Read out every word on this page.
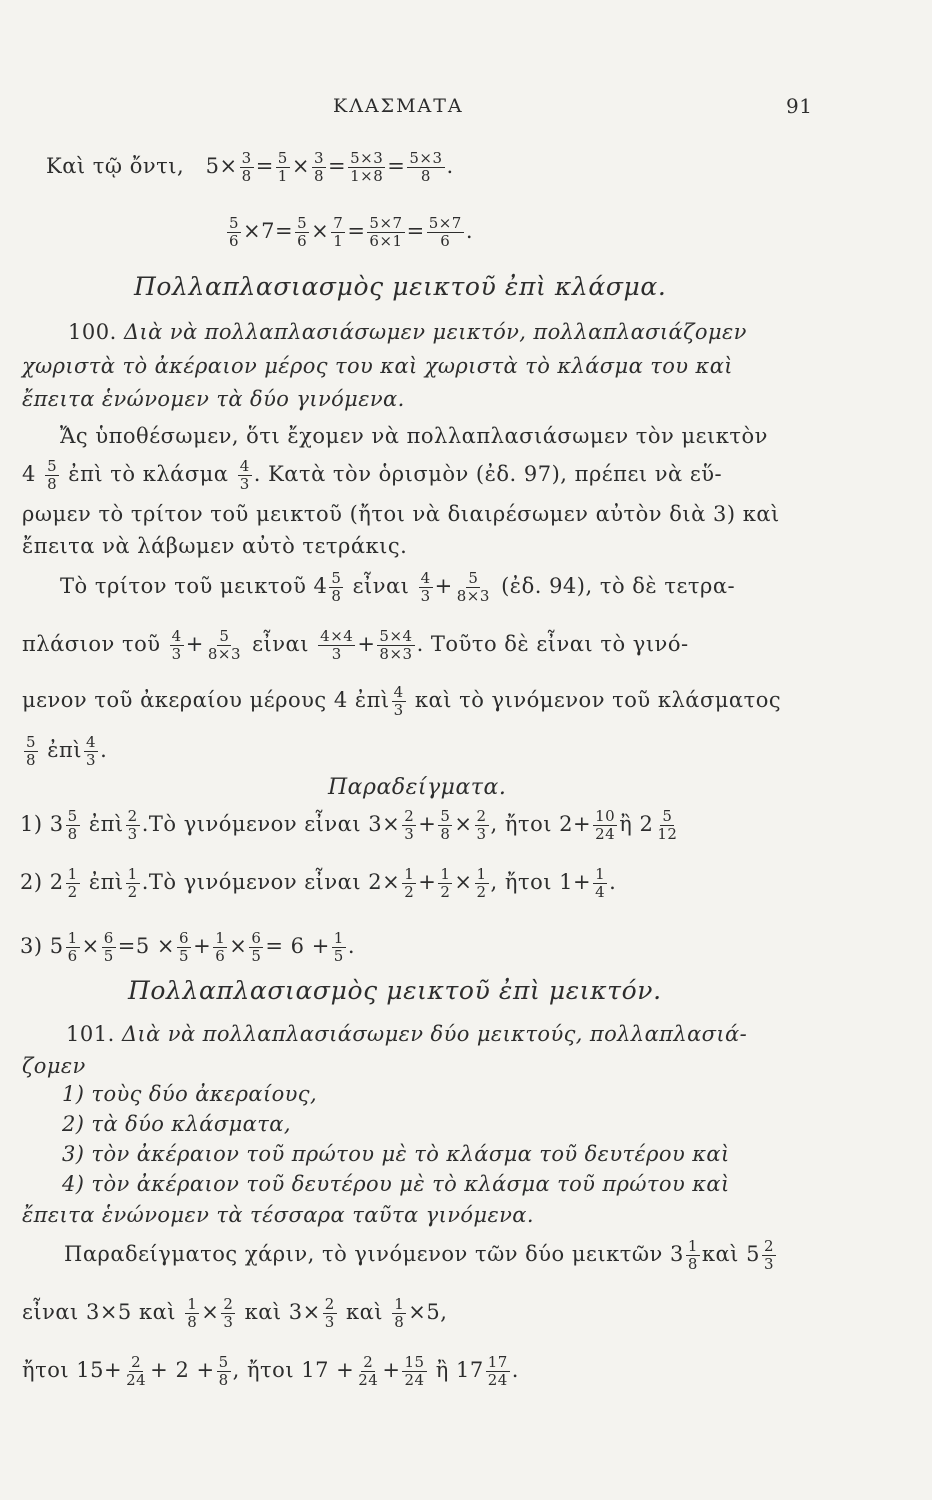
ΚΛΑΣΜΑΤΑ	91
Καὶ τῷ ὄντι, $5\times \frac{3}{8} = \frac{5}{1} \times \frac{3}{8} = \frac{5\times 3}{1\times 8} = \frac{5\times 3}{8}$ .
$\frac{5}{6} \times 7= \frac{5}{6} \times \frac{7}{1} = \frac{5\times 7}{6\times 1} = \frac{5\times 7}{6}$ .
Πολλαπλασιασμὸς μεικτοῦ ἐπὶ κλάσμα.
100. Διὰ νὰ πολλαπλασιάσωμεν μεικτόν, πολλαπλασιάζομεν
χωριστὰ τὸ ἀκέραιον μέρος του καὶ χωριστὰ τὸ κλάσμα του καὶ
ἔπειτα ἑνώνομεν τὰ δύο γινόμενα.
Ἄς ὑποθέσωμεν, ὅτι ἔχομεν νὰ πολλαπλασιάσωμεν τὸν μεικτὸν
$4 \frac{5}{8}$ ἐπὶ τὸ κλάσμα $\frac{4}{3}$ . Κατὰ τὸν ὁρισμὸν (ἐδ. 97), πρέπει νὰ εὕ-
ρωμεν τὸ τρίτον τοῦ μεικτοῦ (ἤτοι νὰ διαιρέσωμεν αὐτὸν διὰ 3) καὶ
ἔπειτα νὰ λάβωμεν αὐτὸ τετράκις.
Τὸ τρίτον τοῦ μεικτοῦ $4 \frac{5}{8}$ εἶναι $\frac{4}{3} + \frac{5}{8\times 3}$ (ἐδ. 94), τὸ δὲ τετρα-
πλάσιον τοῦ $\frac{4}{3} + \frac{5}{8\times 3}$ εἶναι $\frac{4\times 4}{3} + \frac{5\times 4}{8\times 3}$ . Τοῦτο δὲ εἶναι τὸ γινό-
μενον τοῦ ἀκεραίου μέρους 4 ἐπὶ $\frac{4}{3}$ καὶ τὸ γινόμενον τοῦ κλάσματος
$\frac{5}{8}$ ἐπὶ $\frac{4}{3}$ .
Παραδείγματα.
1) $3 \frac{5}{8}$ ἐπὶ $\frac{2}{3}$ .Τὸ γινόμενον εἶναι $3\times \frac{2}{3} + \frac{5}{8} \times \frac{2}{3}$ , ἤτοι $2+ \frac{10}{24}$ ἢ $2 \frac{5}{12}$
2) $2 \frac{1}{2}$ ἐπὶ $\frac{1}{2}$ .Τὸ γινόμενον εἶναι $2\times \frac{1}{2} + \frac{1}{2} \times \frac{1}{2}$ , ἤτοι $1+ \frac{1}{4}$ .
3) $5 \frac{1}{6} \times \frac{6}{5} =5 \times \frac{6}{5} + \frac{1}{6} \times \frac{6}{5} = 6 + \frac{1}{5}$ .
Πολλαπλασιασμὸς μεικτοῦ ἐπὶ μεικτόν.
101. Διὰ νὰ πολλαπλασιάσωμεν δύο μεικτούς, πολλαπλασιά-
ζομεν
1) τοὺς δύο ἀκεραίους,
2) τὰ δύο κλάσματα,
3) τὸν ἀκέραιον τοῦ πρώτου μὲ τὸ κλάσμα τοῦ δευτέρου καὶ
4) τὸν ἀκέραιον τοῦ δευτέρου μὲ τὸ κλάσμα τοῦ πρώτου καὶ
ἔπειτα ἑνώνομεν τὰ τέσσαρα ταῦτα γινόμενα.
Παραδείγματος χάριν, τὸ γινόμενον τῶν δύο μεικτῶν $3 \frac{1}{8}$ καὶ $5 \frac{2}{3}$
εἶναι 3×5 καὶ $\frac{1}{8} \times \frac{2}{3}$ καὶ $3\times \frac{2}{3}$ καὶ $\frac{1}{8} \times 5$,
ἤτοι $15+ \frac{2}{24} + 2 + \frac{5}{8}$ , ἤτοι $17 + \frac{2}{24} + \frac{15}{24}$ ἢ $17 \frac{17}{24}$ .
